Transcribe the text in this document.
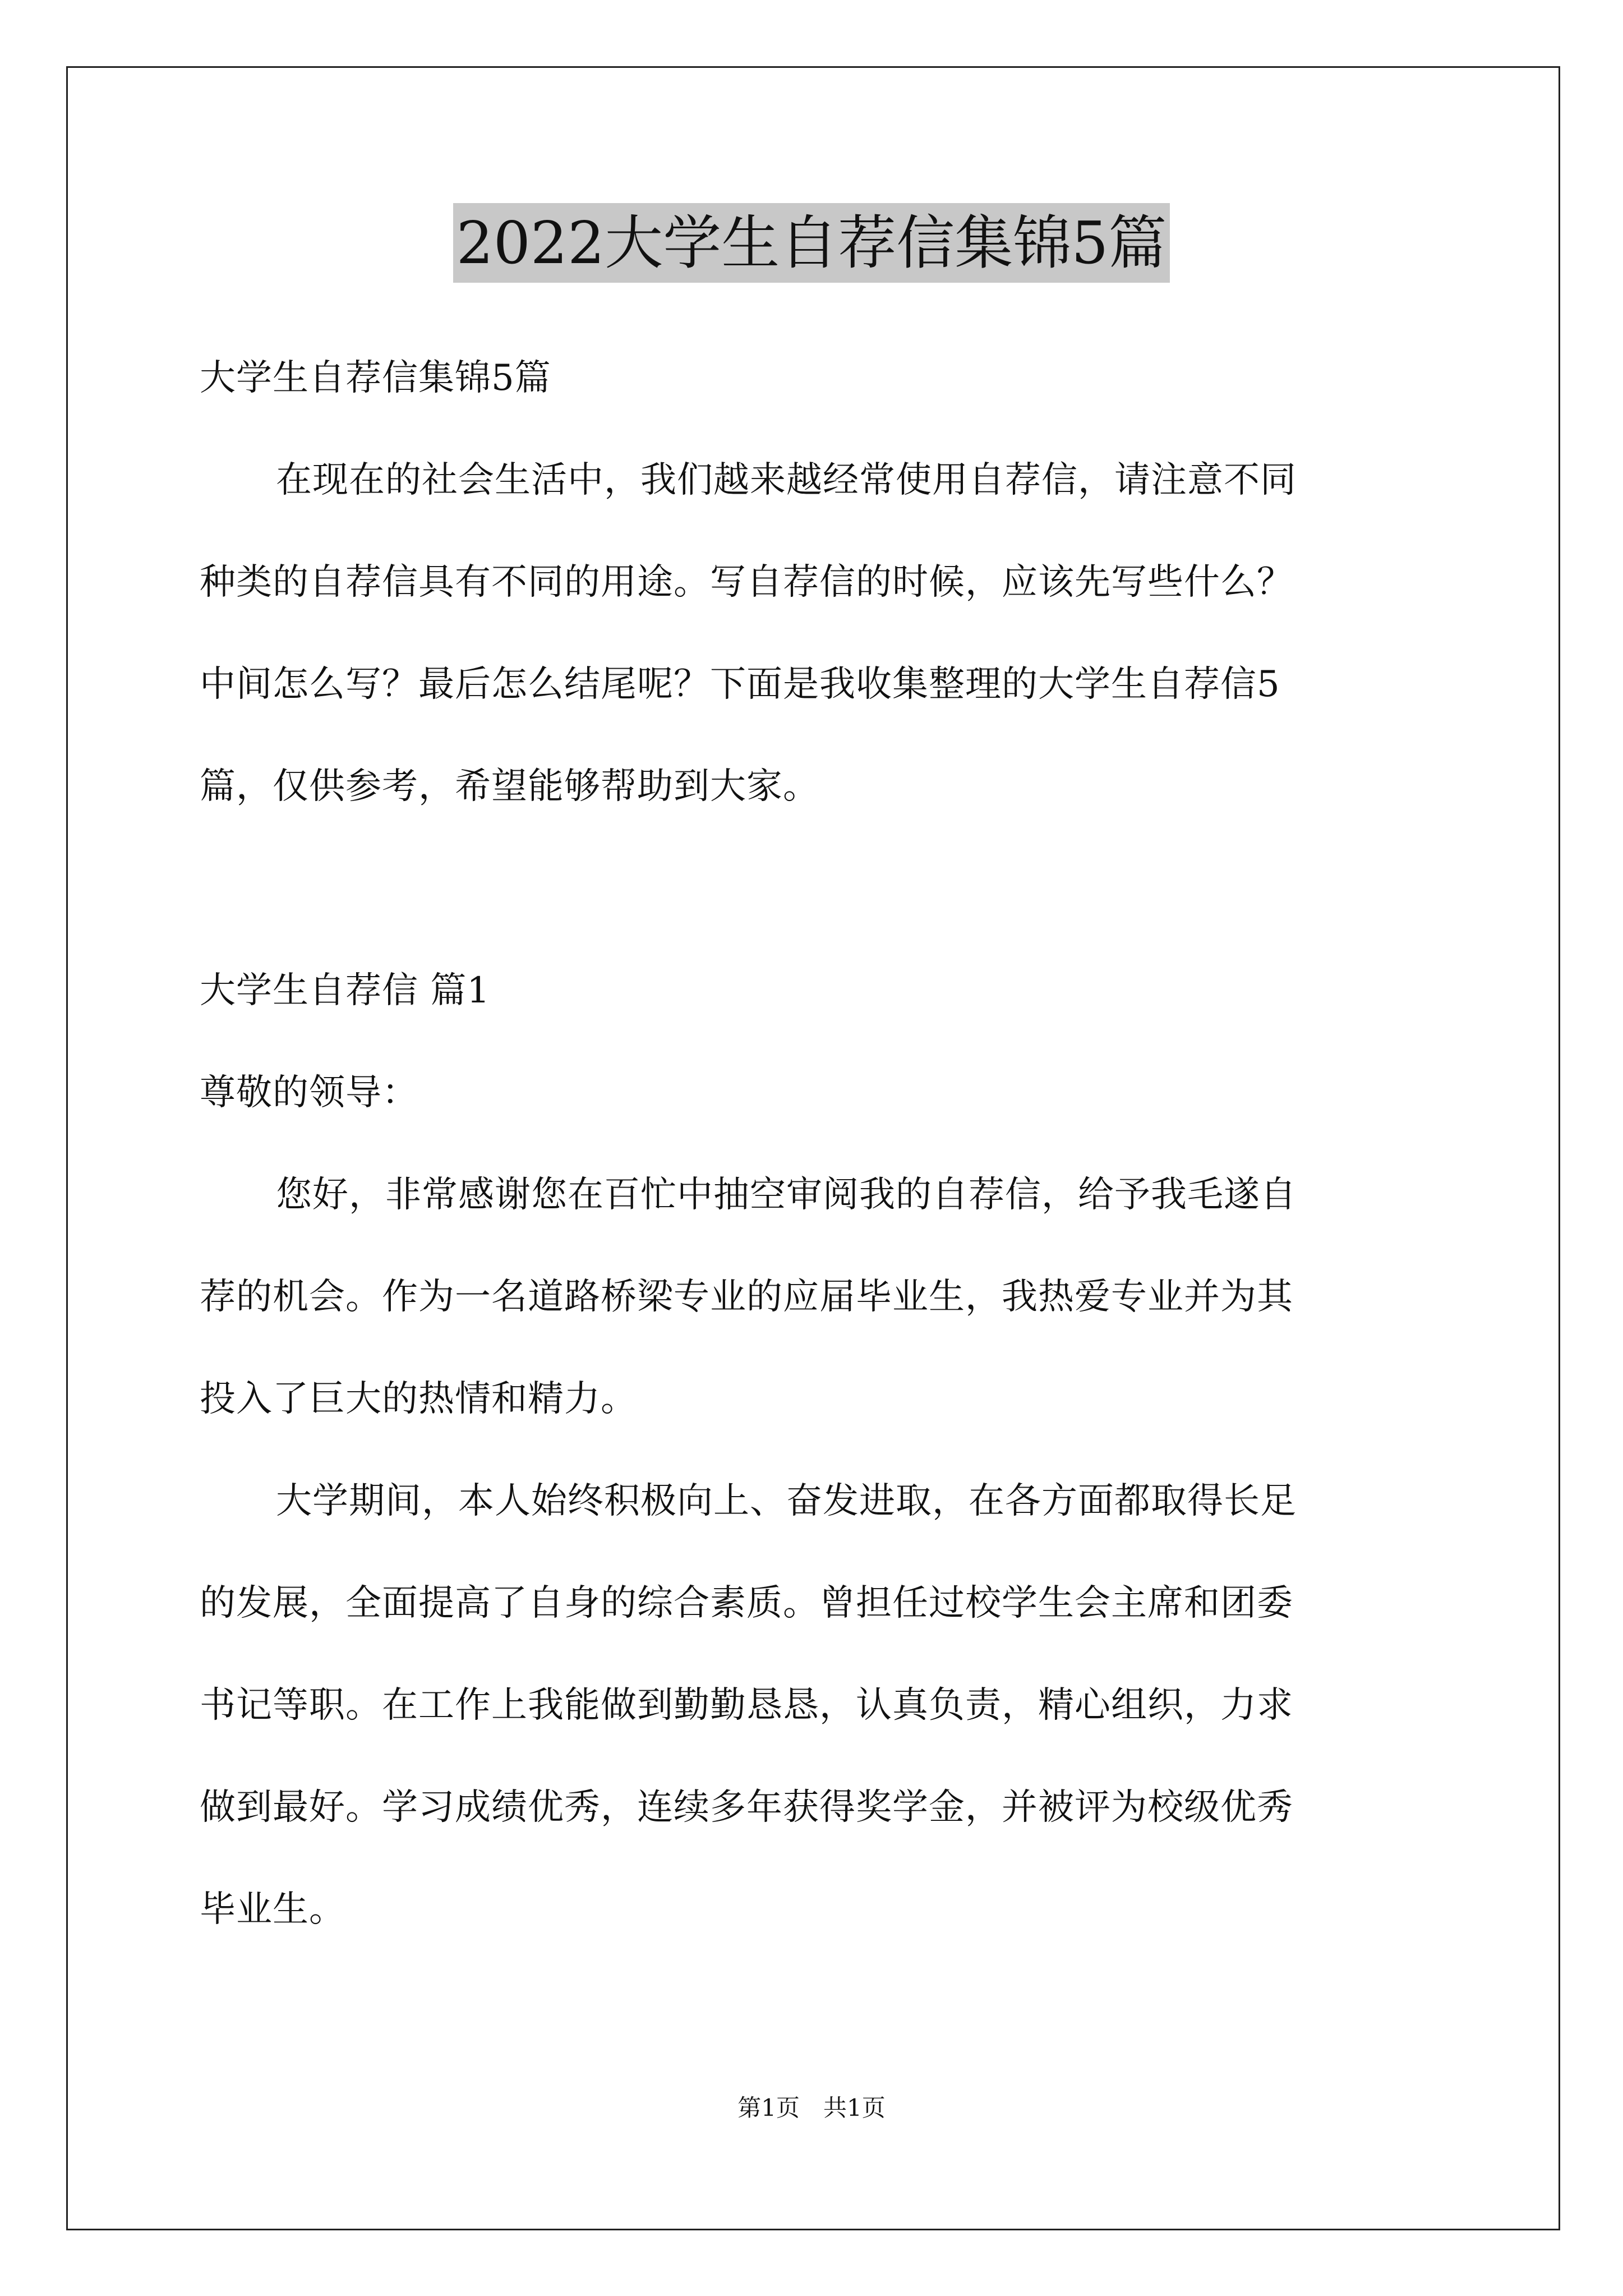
2022大学生自荐信集锦5篇
大学生自荐信集锦5篇
在现在的社会生活中，我们越来越经常使用自荐信，请注意不同
种类的自荐信具有不同的用途。写自荐信的时候，应该先写些什么？
中间怎么写？最后怎么结尾呢？下面是我收集整理的大学生自荐信5
篇，仅供参考，希望能够帮助到大家。
大学生自荐信 篇1
尊敬的领导：
您好，非常感谢您在百忙中抽空审阅我的自荐信，给予我毛遂自
荐的机会。作为一名道路桥梁专业的应届毕业生，我热爱专业并为其
投入了巨大的热情和精力。
大学期间，本人始终积极向上、奋发进取，在各方面都取得长足
的发展，全面提高了自身的综合素质。曾担任过校学生会主席和团委
书记等职。在工作上我能做到勤勤恳恳，认真负责，精心组织，力求
做到最好。学习成绩优秀，连续多年获得奖学金，并被评为校级优秀
毕业生。
第1页　共1页
